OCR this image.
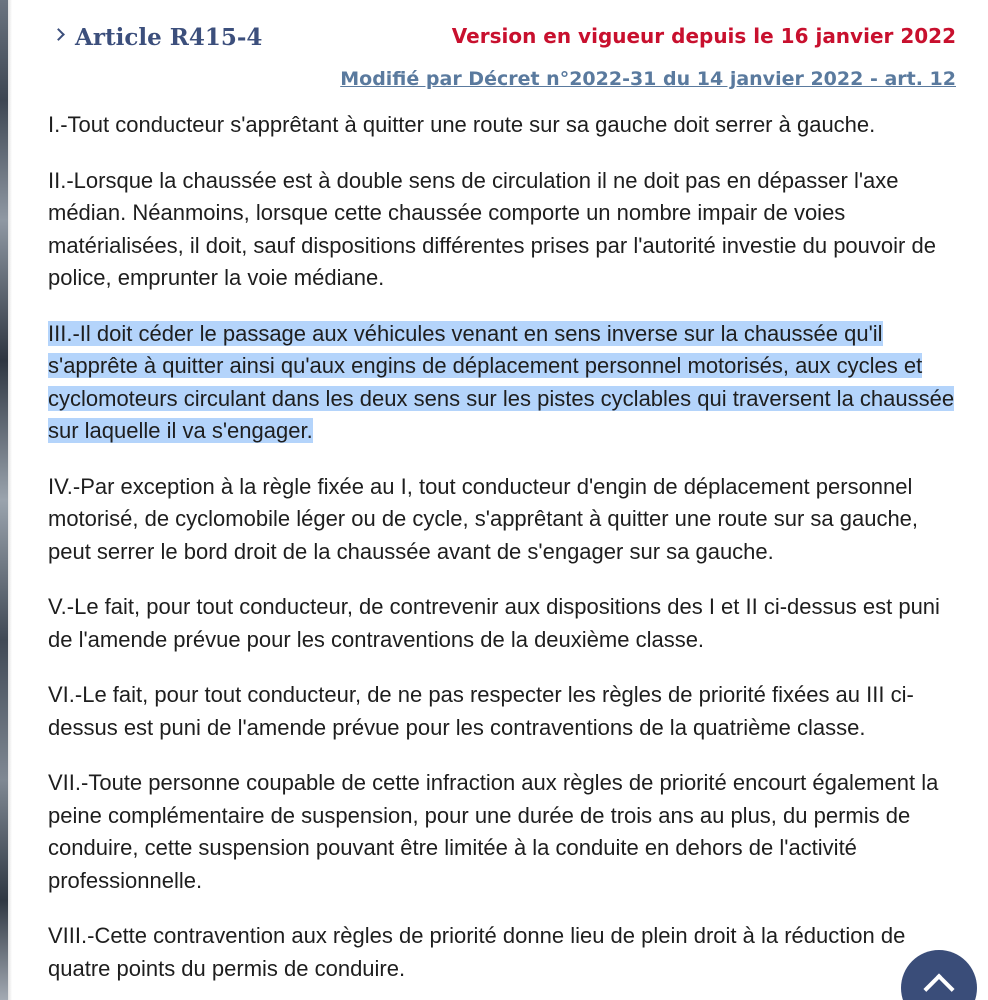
Article R415-4	Version en vigueur depuis le 16 janvier 2022
Modifié par Décret n°2022-31 du 14 janvier 2022 - art. 12

I.-Tout conducteur s'apprêtant à quitter une route sur sa gauche doit serrer à gauche.

II.-Lorsque la chaussée est à double sens de circulation il ne doit pas en dépasser l'axe médian. Néanmoins, lorsque cette chaussée comporte un nombre impair de voies matérialisées, il doit, sauf dispositions différentes prises par l'autorité investie du pouvoir de police, emprunter la voie médiane.

III.-Il doit céder le passage aux véhicules venant en sens inverse sur la chaussée qu'il s'apprête à quitter ainsi qu'aux engins de déplacement personnel motorisés, aux cycles et cyclomoteurs circulant dans les deux sens sur les pistes cyclables qui traversent la chaussée sur laquelle il va s'engager.

IV.-Par exception à la règle fixée au I, tout conducteur d'engin de déplacement personnel motorisé, de cyclomobile léger ou de cycle, s'apprêtant à quitter une route sur sa gauche, peut serrer le bord droit de la chaussée avant de s'engager sur sa gauche.

V.-Le fait, pour tout conducteur, de contrevenir aux dispositions des I et II ci-dessus est puni de l'amende prévue pour les contraventions de la deuxième classe.

VI.-Le fait, pour tout conducteur, de ne pas respecter les règles de priorité fixées au III ci-dessus est puni de l'amende prévue pour les contraventions de la quatrième classe.

VII.-Toute personne coupable de cette infraction aux règles de priorité encourt également la peine complémentaire de suspension, pour une durée de trois ans au plus, du permis de conduire, cette suspension pouvant être limitée à la conduite en dehors de l'activité professionnelle.

VIII.-Cette contravention aux règles de priorité donne lieu de plein droit à la réduction de quatre points du permis de conduire.
